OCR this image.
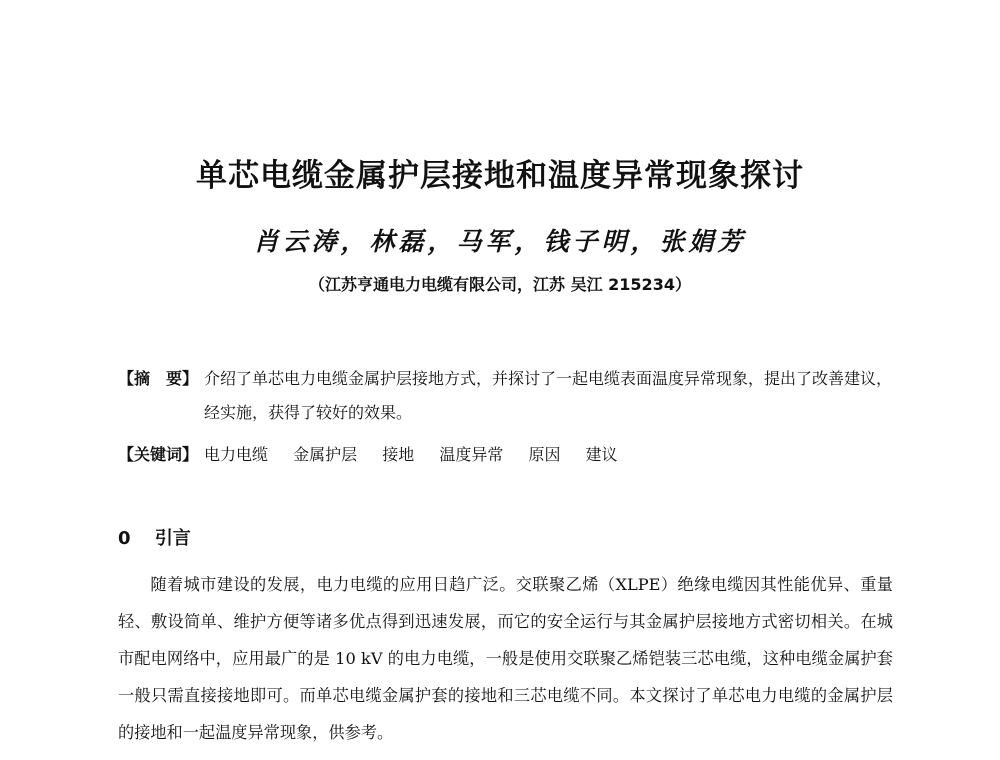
单芯电缆金属护层接地和温度异常现象探讨
肖云涛，林磊，马军，钱子明，张娟芳
（江苏亨通电力电缆有限公司，江苏 吴江 215234）
【摘　要】 介绍了单芯电力电缆金属护层接地方式，并探讨了一起电缆表面温度异常现象，提出了改善建议，经实施，获得了较好的效果。
【关键词】 电力电缆 金属护层 接地 温度异常 原因 建议
0 引言
随着城市建设的发展，电力电缆的应用日趋广泛。交联聚乙烯（XLPE）绝缘电缆因其性能优异、重量轻、敷设简单、维护方便等诸多优点得到迅速发展，而它的安全运行与其金属护层接地方式密切相关。在城市配电网络中，应用最广的是 10 kV 的电力电缆，一般是使用交联聚乙烯铠装三芯电缆，这种电缆金属护套一般只需直接接地即可。而单芯电缆金属护套的接地和三芯电缆不同。本文探讨了单芯电力电缆的金属护层的接地和一起温度异常现象，供参考。
